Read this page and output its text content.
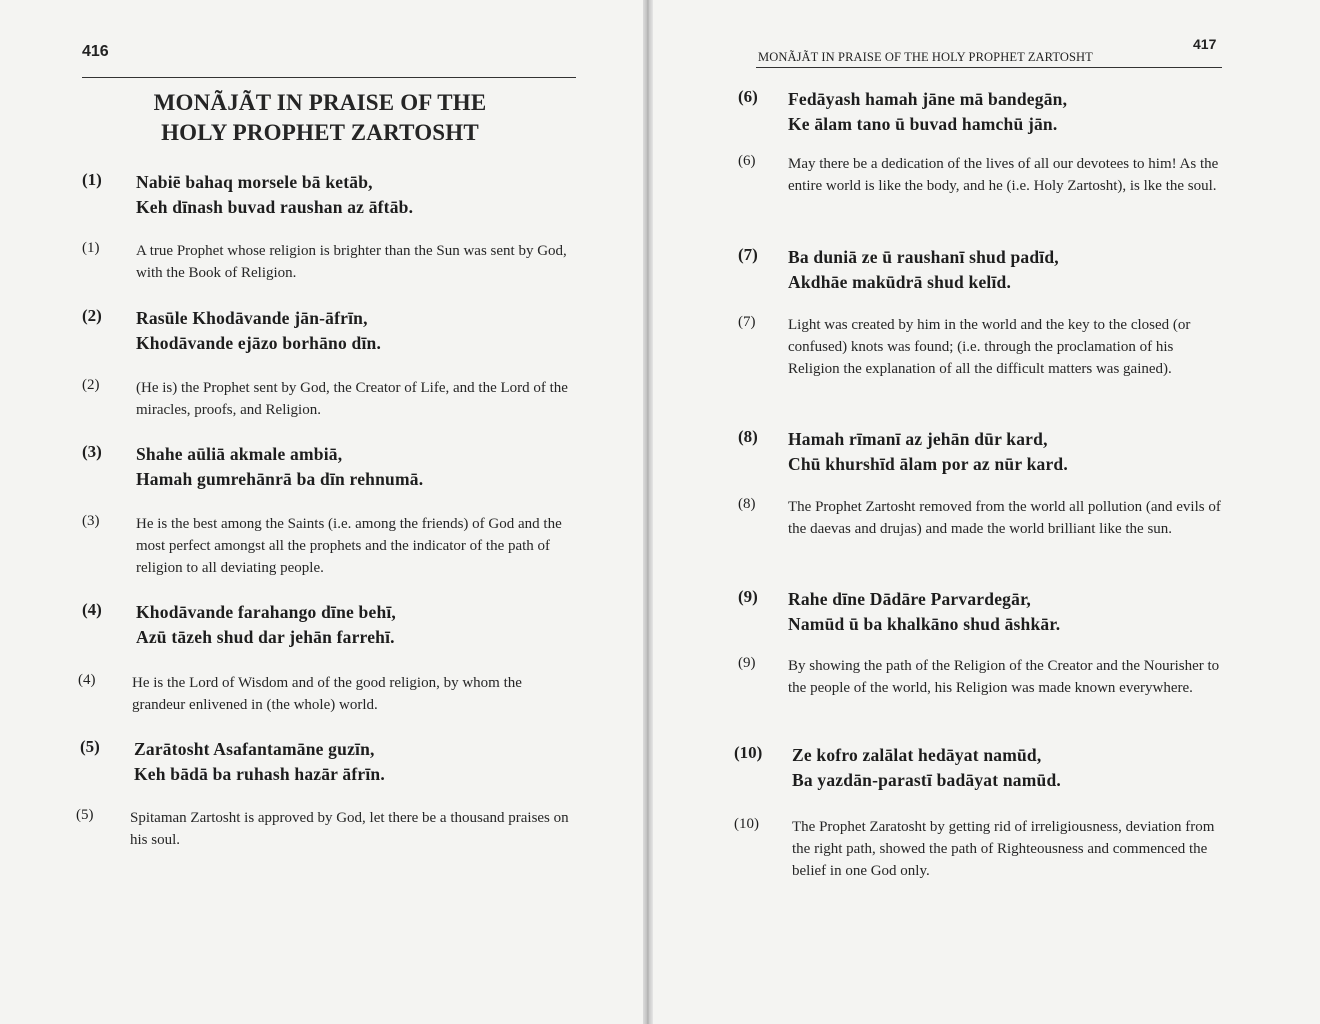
416
MONÃJÃT IN PRAISE OF THE
HOLY PROPHET ZARTOSHT
(1) Nabiē bahaq morsele bā ketāb,
Keh dīnash buvad raushan az āftāb.
(1) A true Prophet whose religion is brighter than the Sun was sent by God, with the Book of Religion.
(2) Rasūle Khodāvande jān-āfrīn,
Khodāvande ejāzo borhāno dīn.
(2) (He is) the Prophet sent by God, the Creator of Life, and the Lord of the miracles, proofs, and Religion.
(3) Shahe aūliā akmale ambiā,
Hamah gumrehānrā ba dīn rehnumā.
(3) He is the best among the Saints (i.e. among the friends) of God and the most perfect amongst all the prophets and the indicator of the path of religion to all deviating people.
(4) Khodāvande farahango dīne behī,
Azū tāzeh shud dar jehān farrehī.
(4) He is the Lord of Wisdom and of the good religion, by whom the grandeur enlivened in (the whole) world.
(5) Zarātosht Asafantamāne guzīn,
Keh bādā ba ruhash hazār āfrīn.
(5) Spitaman Zartosht is approved by God, let there be a thousand praises on his soul.
MONÃJÃT IN PRAISE OF THE HOLY PROPHET ZARTOSHT
417
(6) Fedāyash hamah jāne mā bandegān,
Ke ālam tano ū buvad hamchū jān.
(6) May there be a dedication of the lives of all our devotees to him! As the entire world is like the body, and he (i.e. Holy Zartosht), is lke the soul.
(7) Ba duniā ze ū raushanī shud padīd,
Akdhāe makūdrā shud kelīd.
(7) Light was created by him in the world and the key to the closed (or confused) knots was found; (i.e. through the proclamation of his Religion the explanation of all the difficult matters was gained).
(8) Hamah rīmanī az jehān dūr kard,
Chū khurshīd ālam por az nūr kard.
(8) The Prophet Zartosht removed from the world all pollution (and evils of the daevas and drujas) and made the world brilliant like the sun.
(9) Rahe dīne Dādāre Parvardegār,
Namūd ū ba khalkāno shud āshkār.
(9) By showing the path of the Religion of the Creator and the Nourisher to the people of the world, his Religion was made known everywhere.
(10) Ze kofro zalālat hedāyat namūd,
Ba yazdān-parastī badāyat namūd.
(10) The Prophet Zaratosht by getting rid of irreligiousness, deviation from the right path, showed the path of Righteousness and commenced the belief in one God only.
